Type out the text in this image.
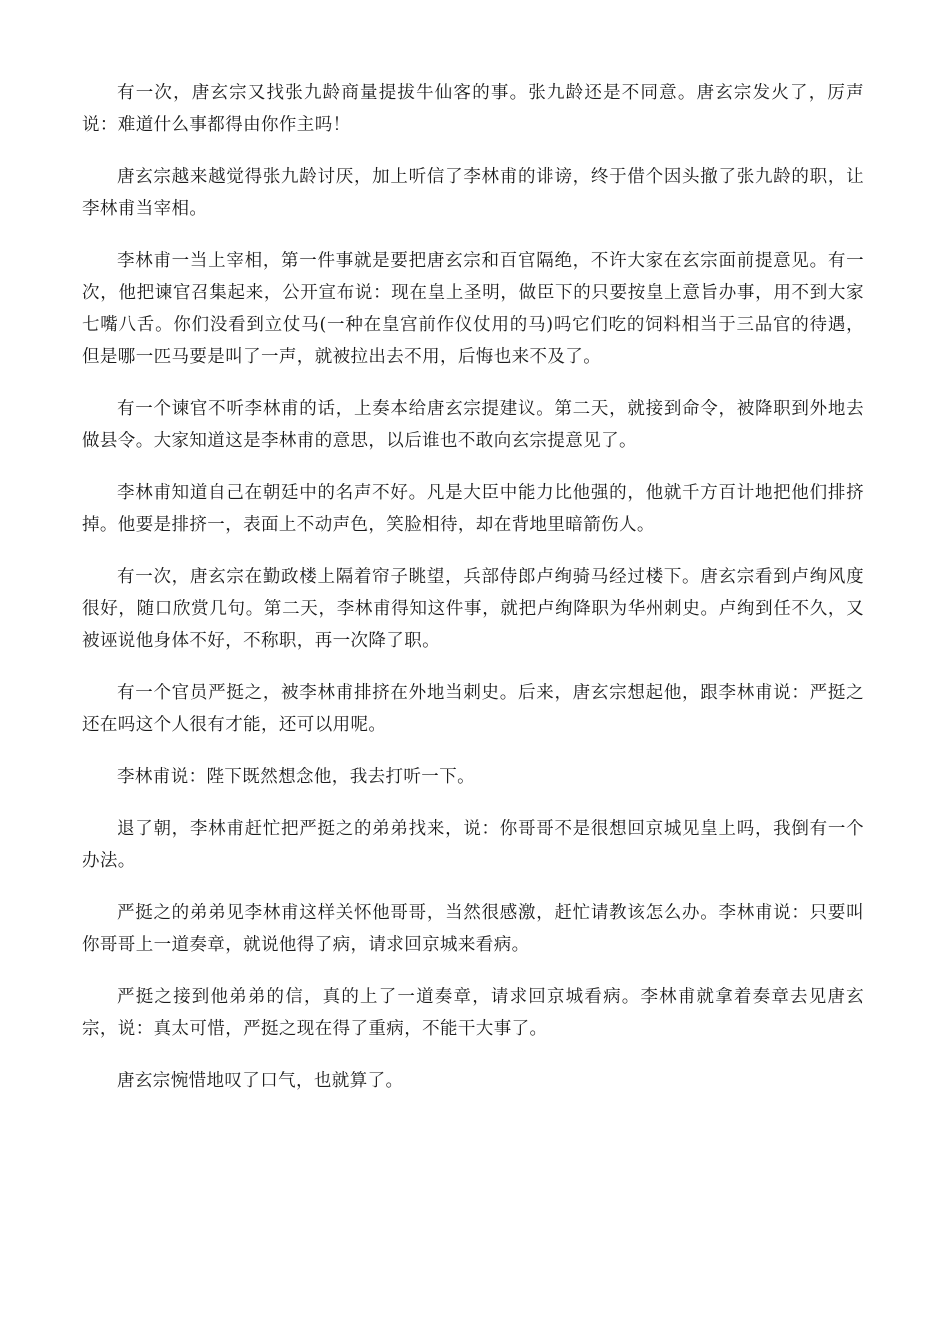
有一次，唐玄宗又找张九龄商量提拔牛仙客的事。张九龄还是不同意。唐玄宗发火了，厉声说：难道什么事都得由你作主吗！

唐玄宗越来越觉得张九龄讨厌，加上听信了李林甫的诽谤，终于借个因头撤了张九龄的职，让李林甫当宰相。

李林甫一当上宰相，第一件事就是要把唐玄宗和百官隔绝，不许大家在玄宗面前提意见。有一次，他把谏官召集起来，公开宣布说：现在皇上圣明，做臣下的只要按皇上意旨办事，用不到大家七嘴八舌。你们没看到立仗马(一种在皇宫前作仪仗用的马)吗它们吃的饲料相当于三品官的待遇，但是哪一匹马要是叫了一声，就被拉出去不用，后悔也来不及了。

有一个谏官不听李林甫的话，上奏本给唐玄宗提建议。第二天，就接到命令，被降职到外地去做县令。大家知道这是李林甫的意思，以后谁也不敢向玄宗提意见了。

李林甫知道自己在朝廷中的名声不好。凡是大臣中能力比他强的，他就千方百计地把他们排挤掉。他要是排挤一，表面上不动声色，笑脸相待，却在背地里暗箭伤人。

有一次，唐玄宗在勤政楼上隔着帘子眺望，兵部侍郎卢绚骑马经过楼下。唐玄宗看到卢绚风度很好，随口欣赏几句。第二天，李林甫得知这件事，就把卢绚降职为华州刺史。卢绚到任不久，又被诬说他身体不好，不称职，再一次降了职。

有一个官员严挺之，被李林甫排挤在外地当刺史。后来，唐玄宗想起他，跟李林甫说：严挺之还在吗这个人很有才能，还可以用呢。

李林甫说：陛下既然想念他，我去打听一下。

退了朝，李林甫赶忙把严挺之的弟弟找来，说：你哥哥不是很想回京城见皇上吗，我倒有一个办法。

严挺之的弟弟见李林甫这样关怀他哥哥，当然很感激，赶忙请教该怎么办。李林甫说：只要叫你哥哥上一道奏章，就说他得了病，请求回京城来看病。

严挺之接到他弟弟的信，真的上了一道奏章，请求回京城看病。李林甫就拿着奏章去见唐玄宗，说：真太可惜，严挺之现在得了重病，不能干大事了。

唐玄宗惋惜地叹了口气，也就算了。
